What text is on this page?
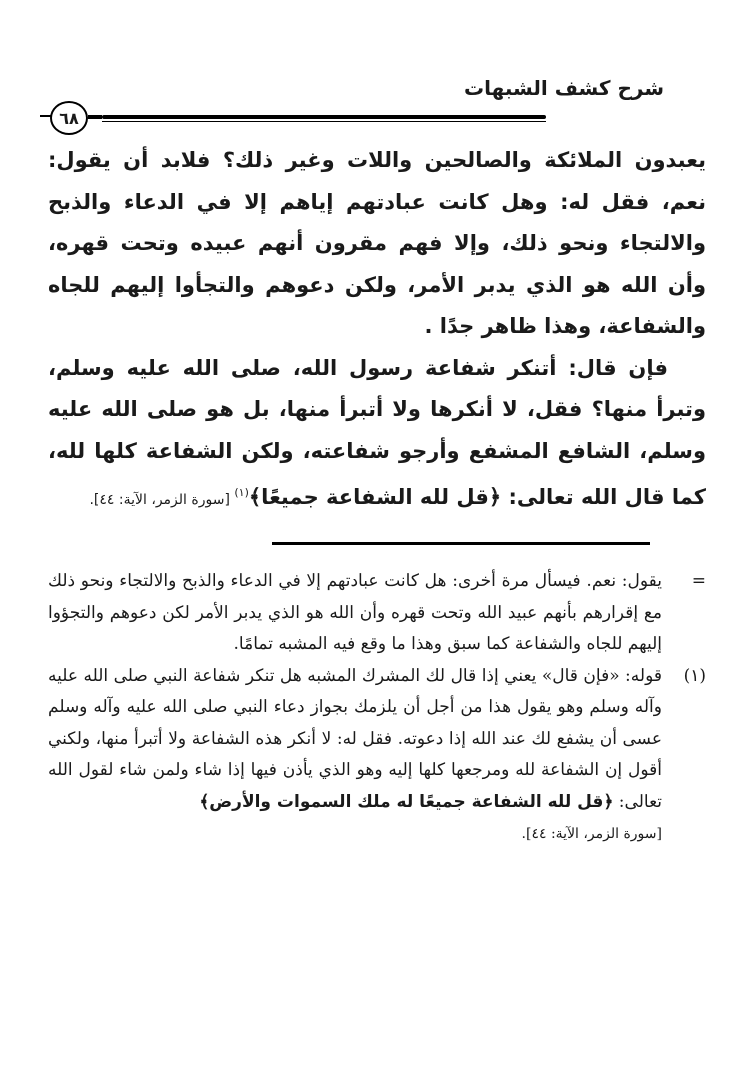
شرح كشف الشبهات
٦٨

يعبدون الملائكة والصالحين واللات وغير ذلك؟ فلابد أن يقول: نعم، فقل له: وهل كانت عبادتهم إياهم إلا في الدعاء والذبح والالتجاء ونحو ذلك، وإلا فهم مقرون أنهم عبيده وتحت قهره، وأن الله هو الذي يدبر الأمر، ولكن دعوهم والتجأوا إليهم للجاه والشفاعة، وهذا ظاهر جدًا .

فإن قال: أتنكر شفاعة رسول الله، صلى الله عليه وسلم، وتبرأ منها؟ فقل، لا أنكرها ولا أتبرأ منها، بل هو صلى الله عليه وسلم، الشافع المشفع وأرجو شفاعته، ولكن الشفاعة كلها لله، كما قال الله تعالى: ﴿قل لله الشفاعة جميعًا﴾$^{(١)}$ [سورة الزمر، الآية: ٤٤].

=
يقول: نعم. فيسأل مرة أخرى: هل كانت عبادتهم إلا في الدعاء والذبح والالتجاء ونحو ذلك مع إقرارهم بأنهم عبيد الله وتحت قهره وأن الله هو الذي يدبر الأمر لكن دعوهم والتجؤوا إليهم للجاه والشفاعة كما سبق وهذا ما وقع فيه المشبه تمامًا.
(١)
قوله: «فإن قال» يعني إذا قال لك المشرك المشبه هل تنكر شفاعة النبي صلى الله عليه وآله وسلم وهو يقول هذا من أجل أن يلزمك بجواز دعاء النبي صلى الله عليه وآله وسلم عسى أن يشفع لك عند الله إذا دعوته. فقل له: لا أنكر هذه الشفاعة ولا أتبرأ منها، ولكني أقول إن الشفاعة لله ومرجعها كلها إليه وهو الذي يأذن فيها إذا شاء ولمن شاء لقول الله تعالى: ﴿قل لله الشفاعة جميعًا له ملك السموات والأرض﴾
[سورة الزمر، الآية: ٤٤].
